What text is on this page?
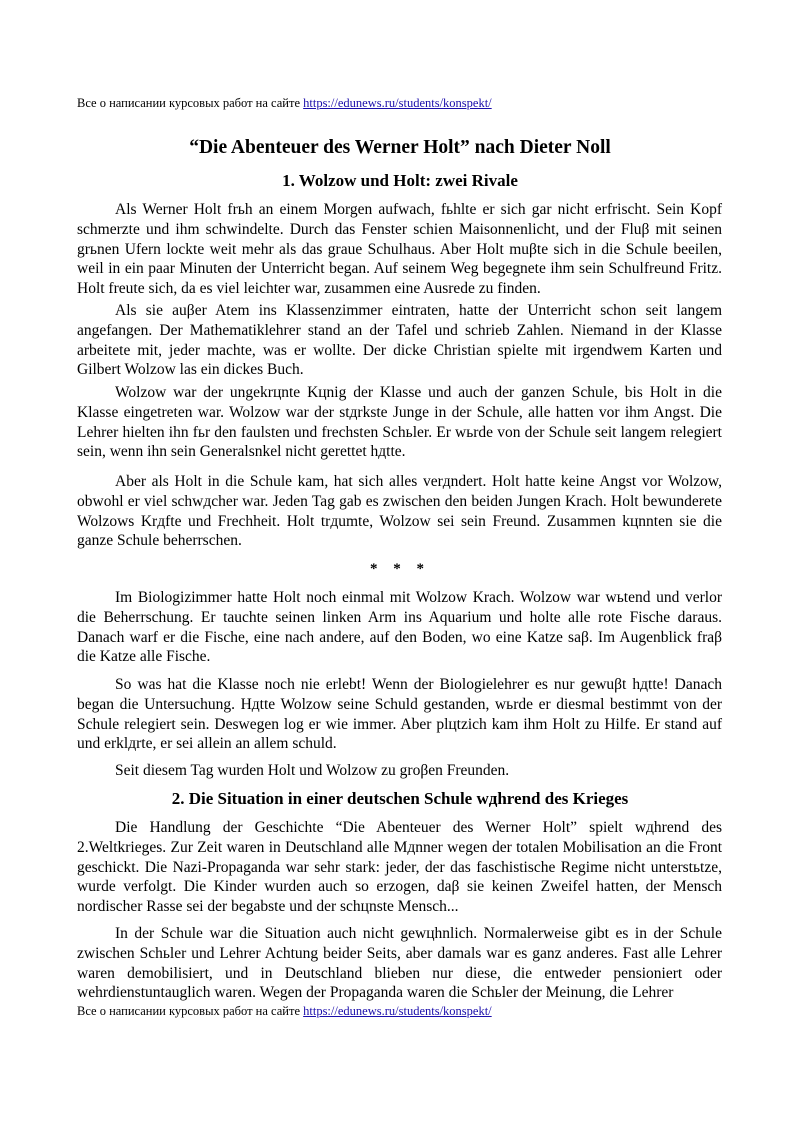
Все о написании курсовых работ на сайте https://edunews.ru/students/konspekt/
“Die Abenteuer des Werner Holt” nach Dieter Noll
1. Wolzow und Holt: zwei Rivale

Als Werner Holt frьh an einem Morgen aufwach, fьhlte er sich gar nicht erfrischt. Sein Kopf schmerzte und ihm schwindelte. Durch das Fenster schien Maisonnenlicht, und der Fluβ mit seinen grьnen Ufern lockte weit mehr als das graue Schulhaus. Aber Holt muβte sich in die Schule beeilen, weil in ein paar Minuten der Unterricht began. Auf seinem Weg begegnete ihm sein Schulfreund Fritz. Holt freute sich, da es viel leichter war, zusammen eine Ausrede zu finden.

Als sie auβer Atem ins Klassenzimmer eintraten, hatte der Unterricht schon seit langem angefangen. Der Mathematiklehrer stand an der Tafel und schrieb Zahlen. Niemand in der Klasse arbeitete mit, jeder machte, was er wollte. Der dicke Christian spielte mit irgendwem Karten und Gilbert Wolzow las ein dickes Buch.

Wolzow war der ungekrцnte Kцnig der Klasse und auch der ganzen Schule, bis Holt in die Klasse eingetreten war. Wolzow war der stдrkste Junge in der Schule, alle hatten vor ihm Angst. Die Lehrer hielten ihn fьr den faulsten und frechsten Schьler. Er wьrde von der Schule seit langem relegiert sein, wenn ihn sein Generalsnkel nicht gerettet hдtte.

Aber als Holt in die Schule kam, hat sich alles verдndert. Holt hatte keine Angst vor Wolzow, obwohl er viel schwдcher war. Jeden Tag gab es zwischen den beiden Jungen Krach. Holt bewunderete Wolzows Krдfte und Frechheit. Holt trдumte, Wolzow sei sein Freund. Zusammen kцnnten sie die ganze Schule beherrschen.

* * *

Im Biologizimmer hatte Holt noch einmal mit Wolzow Krach. Wolzow war wьtend und verlor die Beherrschung. Er tauchte seinen linken Arm ins Aquarium und holte alle rote Fische daraus. Danach warf er die Fische, eine nach andere, auf den Boden, wo eine Katze saβ. Im Augenblick fraβ die Katze alle Fische.

So was hat die Klasse noch nie erlebt! Wenn der Biologielehrer es nur gewuβt hдtte! Danach began die Untersuchung. Hдtte Wolzow seine Schuld gestanden, wьrde er diesmal bestimmt von der Schule relegiert sein. Deswegen log er wie immer. Aber plцtzich kam ihm Holt zu Hilfe. Er stand auf und erklдrte, er sei allein an allem schuld.

Seit diesem Tag wurden Holt und Wolzow zu groβen Freunden.

2. Die Situation in einer deutschen Schule wдhrend des Krieges

Die Handlung der Geschichte “Die Abenteuer des Werner Holt” spielt wдhrend des 2.Weltkrieges. Zur Zeit waren in Deutschland alle Mдnner wegen der totalen Mobilisation an die Front geschickt. Die Nazi-Propaganda war sehr stark: jeder, der das faschistische Regime nicht unterstьtze, wurde verfolgt. Die Kinder wurden auch so erzogen, daβ sie keinen Zweifel hatten, der Mensch nordischer Rasse sei der begabste und der schцnste Mensch...

In der Schule war die Situation auch nicht gewцhnlich. Normalerweise gibt es in der Schule zwischen Schьler und Lehrer Achtung beider Seits, aber damals war es ganz anderes. Fast alle Lehrer waren demobilisiert, und in Deutschland blieben nur diese, die entweder pensioniert oder wehrdienstuntauglich waren. Wegen der Propaganda waren die Schьler der Meinung, die Lehrer

Все о написании курсовых работ на сайте https://edunews.ru/students/konspekt/
